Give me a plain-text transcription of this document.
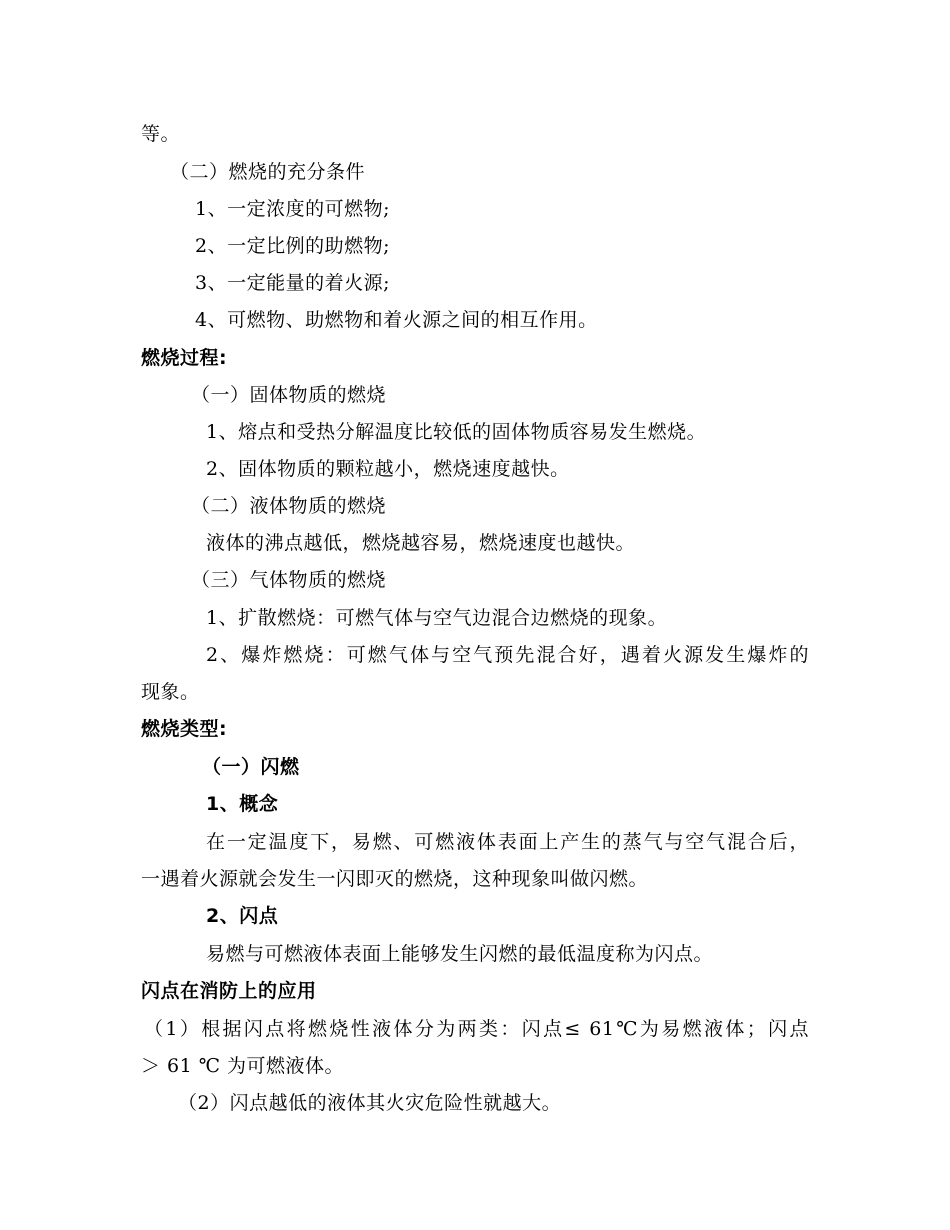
等。
（二）燃烧的充分条件
1、一定浓度的可燃物;
2、一定比例的助燃物;
3、一定能量的着火源;
4、可燃物、助燃物和着火源之间的相互作用。
燃烧过程:
（一）固体物质的燃烧
1、熔点和受热分解温度比较低的固体物质容易发生燃烧。
2、固体物质的颗粒越小，燃烧速度越快。
（二）液体物质的燃烧
液体的沸点越低，燃烧越容易，燃烧速度也越快。
（三）气体物质的燃烧
1、扩散燃烧：可燃气体与空气边混合边燃烧的现象。
2、爆炸燃烧：可燃气体与空气预先混合好，遇着火源发生爆炸的
现象。
燃烧类型:
（一）闪燃
1、概念
在一定温度下，易燃、可燃液体表面上产生的蒸气与空气混合后，
一遇着火源就会发生一闪即灭的燃烧，这种现象叫做闪燃。
2、闪点
易燃与可燃液体表面上能够发生闪燃的最低温度称为闪点。
闪点在消防上的应用
（1）根据闪点将燃烧性液体分为两类：闪点≤ 61℃为易燃液体；闪点
＞ 61 ℃ 为可燃液体。
（2）闪点越低的液体其火灾危险性就越大。
